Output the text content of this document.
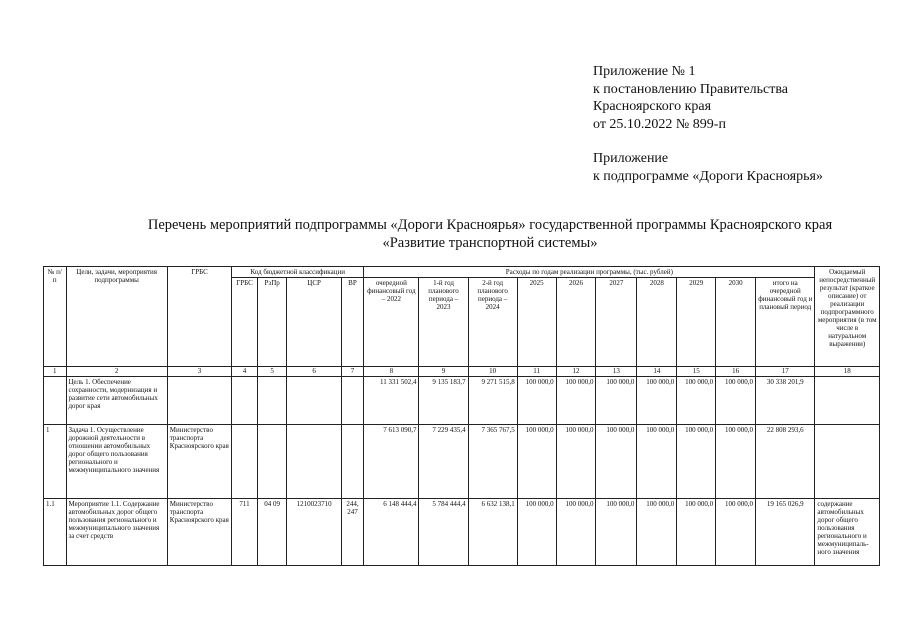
Приложение № 1
к постановлению Правительства
Красноярского края
от 25.10.2022 № 899-п
Приложение
к подпрограмме «Дороги Красноярья»
Перечень мероприятий подпрограммы «Дороги Красноярья» государственной программы Красноярского края
«Развитие транспортной системы»
№ п/п	Цели, задачи, мероприятия подпрограммы	ГРБС	Код бюджетной классификации				Расходы по годам реализации программы, (тыс. рублей)										Ожидаемый непосредственный результат (краткое описание) от реализации подпрограммного мероприятия (в том числе в натуральном выражении)
			ГРБС	РзПр	ЦСР	ВР	очередной финансовый год – 2022	1-й год планового периода – 2023	2-й год планового периода – 2024	2025	2026	2027	2028	2029	2030	итого на очередной финансовый год и плановый период	
1	2	3	4	5	6	7	8	9	10	11	12	13	14	15	16	17	18
	Цель 1. Обеспечение сохранности, модернизация и развитие сети автомобильных дорог края						11 331 502,4	9 135 183,7	9 271 515,8	100 000,0	100 000,0	100 000,0	100 000,0	100 000,0	100 000,0	30 338 201,9	
1	Задача 1. Осуществление дорожной деятельности в отношении автомобильных дорог общего пользования регионального и межмуниципального значения	Министерство транспорта Красноярского края					7 613 090,7	7 229 435,4	7 365 767,5	100 000,0	100 000,0	100 000,0	100 000,0	100 000,0	100 000,0	22 808 293,6	
1.1	Мероприятие 1.1. Содержание автомобильных дорог общего пользования регионального и межмуниципального значения за счет средств	Министерство транспорта Красноярского края	711	04 09	1210023710	244, 247	6 148 444,4	5 784 444,4	6 632 138,1	100 000,0	100 000,0	100 000,0	100 000,0	100 000,0	100 000,0	19 165 026,9	содержание автомобильных дорог общего пользования регионального и межмуниципаль-ного значения
